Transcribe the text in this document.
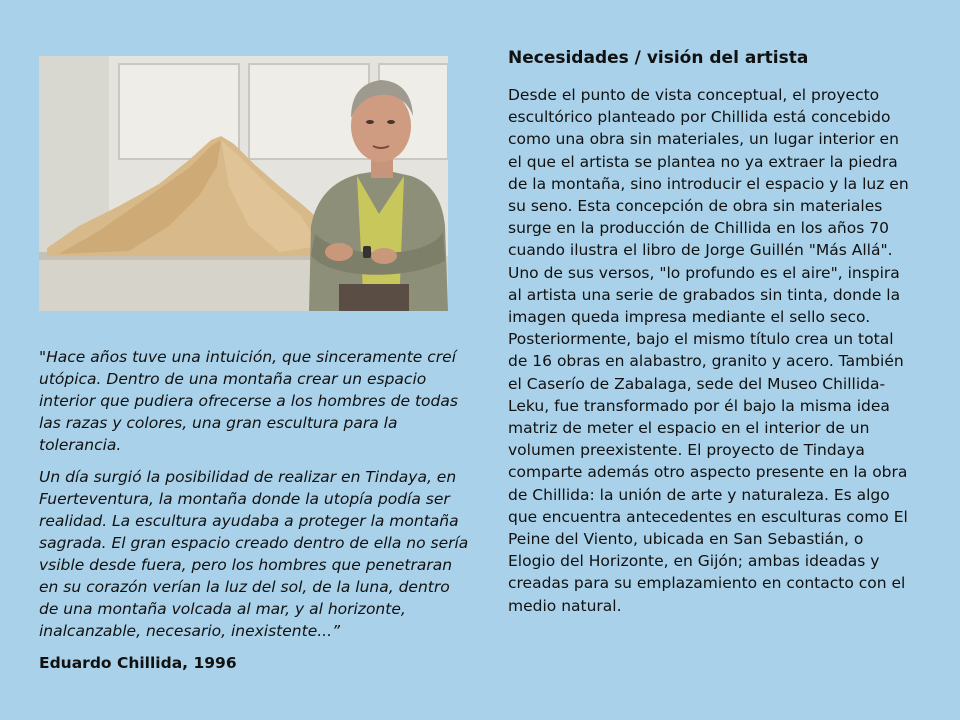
"Hace años tuve una intuición, que sinceramente creí utópica. Dentro de una montaña crear un espacio interior que pudiera ofrecerse a los hombres de todas las razas y colores, una gran escultura para la tolerancia.

Un día surgió la posibilidad de realizar en Tindaya, en Fuerteventura, la montaña donde la utopía podía ser realidad. La escultura ayudaba a proteger la montaña sagrada. El gran espacio creado dentro de ella no sería vsible desde fuera, pero los hombres que penetraran en su corazón verían la luz del sol, de la luna, dentro de una montaña volcada al mar, y al horizonte, inalcanzable, necesario, inexistente...”

Eduardo Chillida, 1996

Necesidades / visión del artista

Desde el punto de vista conceptual, el proyecto escultórico planteado por Chillida está concebido como una obra sin materiales, un lugar interior en el que el artista se plantea no ya extraer la piedra de la montaña, sino introducir el espacio y la luz en su seno. Esta concepción de obra sin materiales surge en la producción de Chillida en los años 70 cuando ilustra el libro de Jorge Guillén "Más Allá". Uno de sus versos, "lo profundo es el aire", inspira al artista una serie de grabados sin tinta, donde la imagen queda impresa mediante el sello seco. Posteriormente, bajo el mismo título crea un total de 16 obras en alabastro, granito y acero. También el Caserío de Zabalaga, sede del Museo Chillida-Leku, fue transformado por él bajo la misma idea matriz de meter el espacio en el interior de un volumen preexistente. El proyecto de Tindaya comparte además otro aspecto presente en la obra de Chillida: la unión de arte y naturaleza. Es algo que encuentra antecedentes en esculturas como El Peine del Viento, ubicada en San Sebastián, o Elogio del Horizonte, en Gijón; ambas ideadas y creadas para su emplazamiento en contacto con el medio natural.
